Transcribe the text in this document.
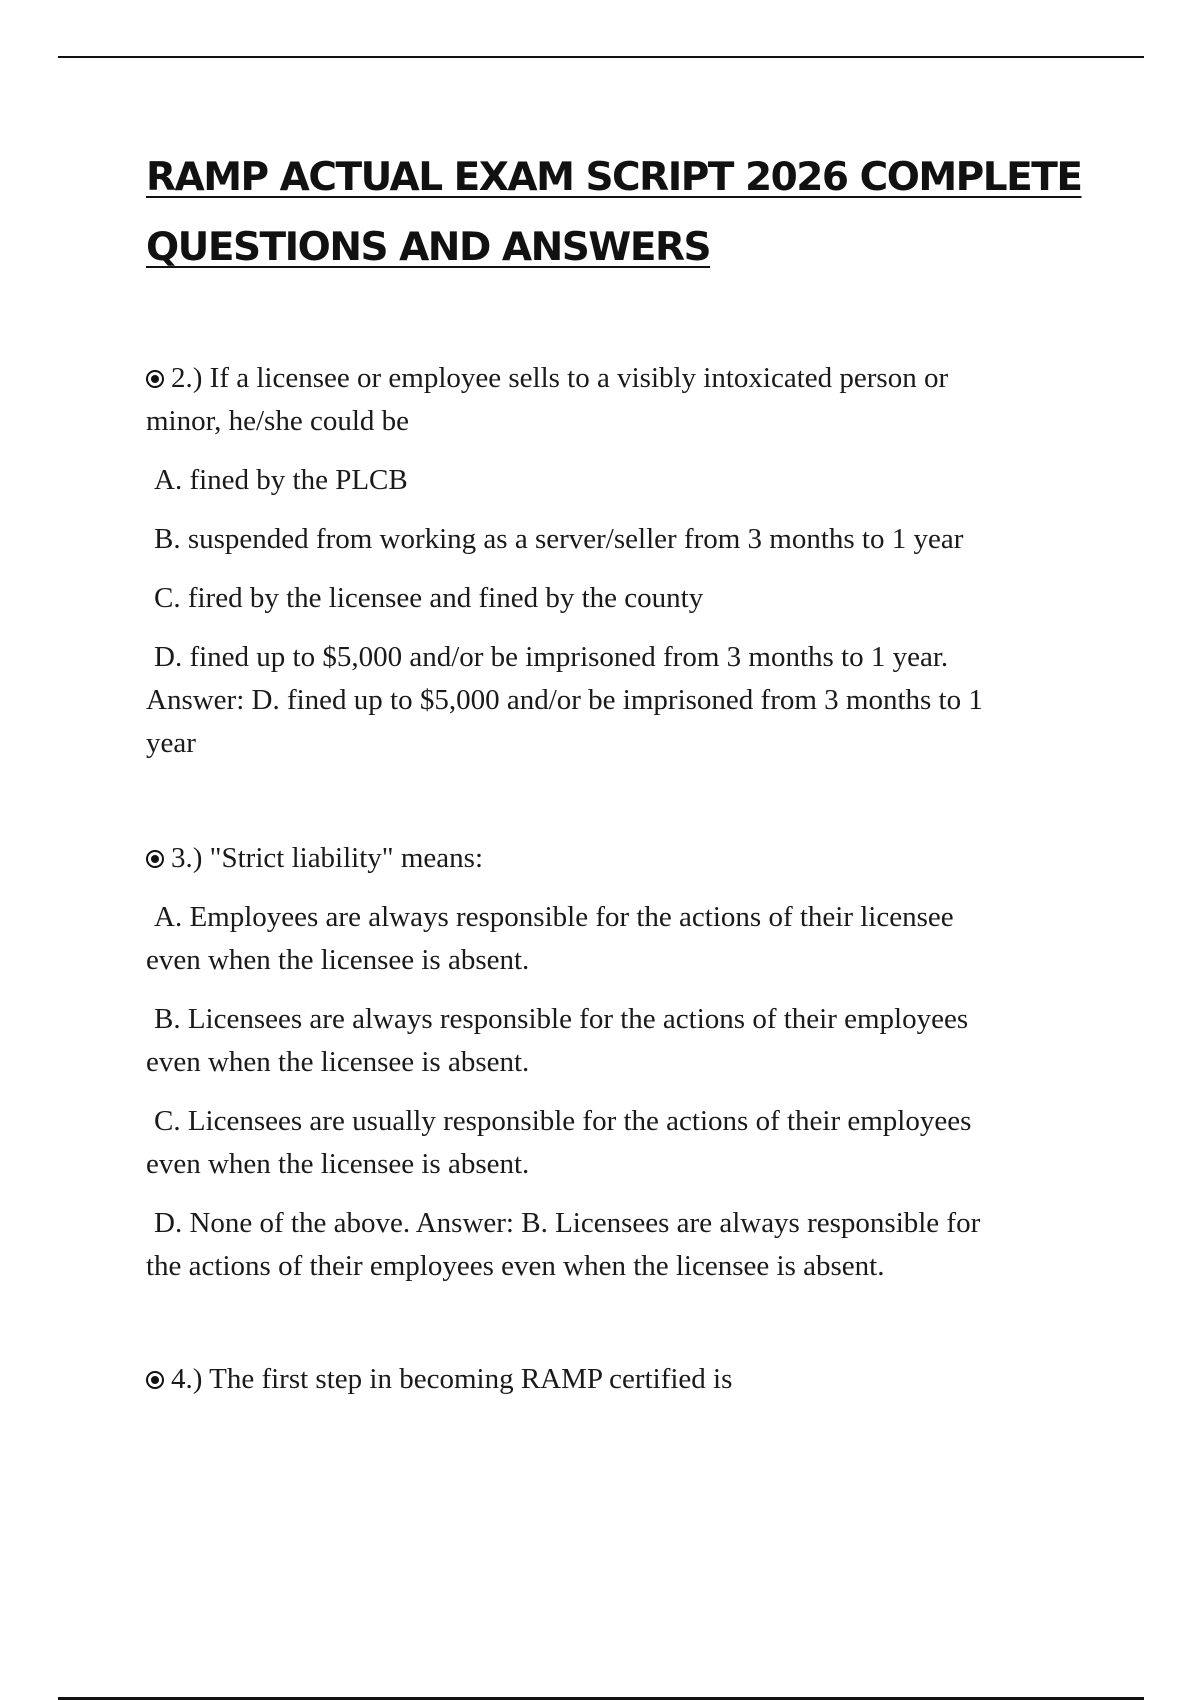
RAMP ACTUAL EXAM SCRIPT 2026 COMPLETE
QUESTIONS AND ANSWERS

2.) If a licensee or employee sells to a visibly intoxicated person or
minor, he/she could be

A. fined by the PLCB

B. suspended from working as a server/seller from 3 months to 1 year

C. fired by the licensee and fined by the county

D. fined up to $5,000 and/or be imprisoned from 3 months to 1 year.
Answer: D. fined up to $5,000 and/or be imprisoned from 3 months to 1
year

3.) "Strict liability" means:

A. Employees are always responsible for the actions of their licensee
even when the licensee is absent.

B. Licensees are always responsible for the actions of their employees
even when the licensee is absent.

C. Licensees are usually responsible for the actions of their employees
even when the licensee is absent.

D. None of the above. Answer: B. Licensees are always responsible for
the actions of their employees even when the licensee is absent.

4.) The first step in becoming RAMP certified is
